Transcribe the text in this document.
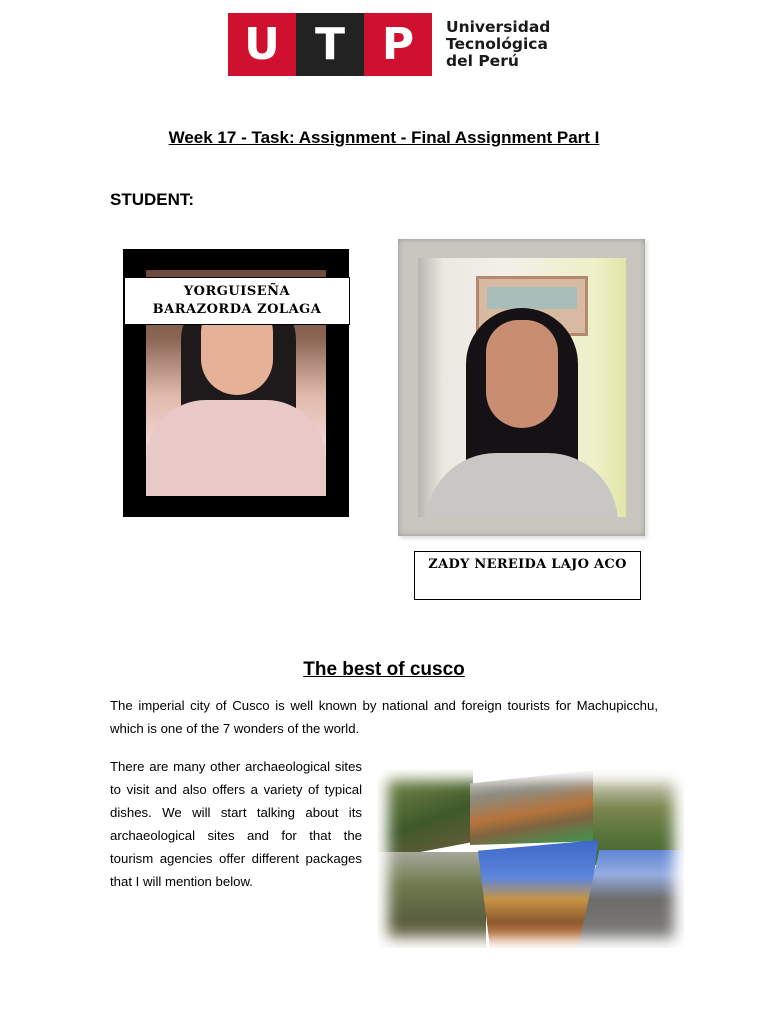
U T P	Universidad
Tecnológica
del Perú
Week 17 - Task: Assignment - Final Assignment Part I
STUDENT:
YORGUISEÑA
BARAZORDA ZOLAGA
ZADY NEREIDA LAJO ACO
The best of cusco
The imperial city of Cusco is well known by national and foreign tourists for Machupicchu, which is one of the 7 wonders of the world.
There are many other archaeological sites to visit and also offers a variety of typical dishes. We will start talking about its archaeological sites and for that the tourism agencies offer different packages that I will mention below.
